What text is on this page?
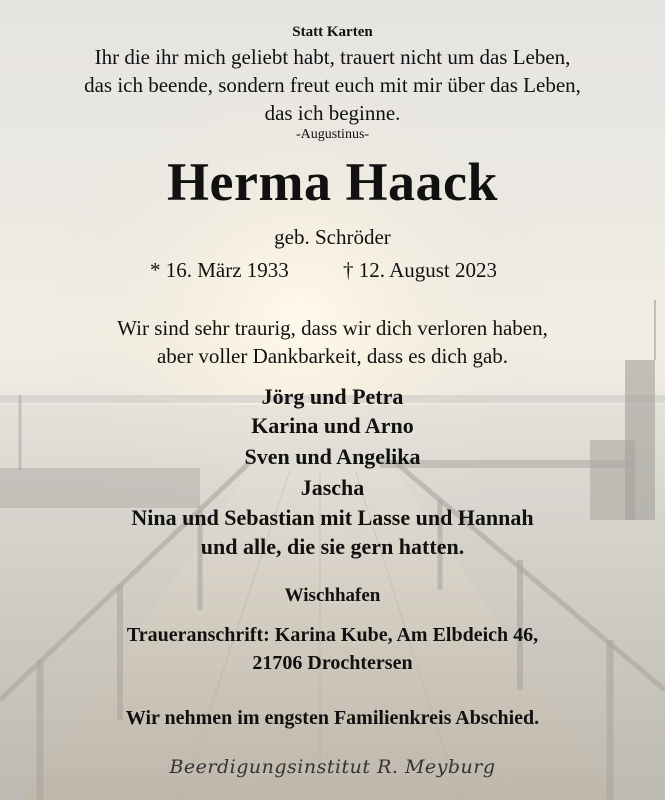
Statt Karten
Ihr die ihr mich geliebt habt, trauert nicht um das Leben,
das ich beende, sondern freut euch mit mir über das Leben,
das ich beginne.
-Augustinus-
Herma Haack
geb. Schröder
* 16. März 1933	† 12. August 2023
Wir sind sehr traurig, dass wir dich verloren haben,
aber voller Dankbarkeit, dass es dich gab.
Jörg und Petra
Karina und Arno
Sven und Angelika
Jascha
Nina und Sebastian mit Lasse und Hannah
und alle, die sie gern hatten.
Wischhafen
Traueranschrift: Karina Kube, Am Elbdeich 46,
21706 Drochtersen
Wir nehmen im engsten Familienkreis Abschied.
Beerdigungsinstitut R. Meyburg
